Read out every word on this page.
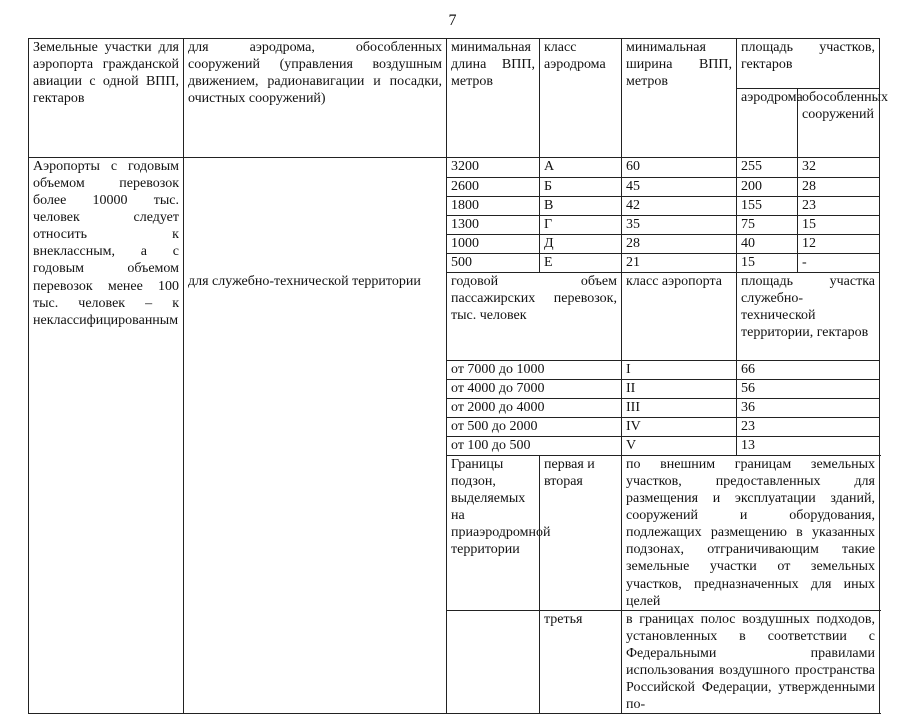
7
Земельные участки для аэропорта гражданской авиации с одной ВПП, гектаров	для аэродрома, обособленных сооружений (управления воздушным движением, радионавигации и посадки, очистных сооружений)	минимальная длина ВПП, метров	класс аэродрома	минимальная ширина ВПП, метров	площадь участков, гектаров	
					аэродрома	обособленных сооружений
Аэропорты с годовым объемом перевозок более 10000 тыс. человек следует относить к внеклассным, а с годовым объемом перевозок менее 100 тыс. человек – к неклассифицированным		3200	А	60	255	32
		2600	Б	45	200	28
		1800	В	42	155	23
		1300	Г	35	75	15
		1000	Д	28	40	12
		500	Е	21	15	-
	для служебно-технической территории	годовой объем пассажирских перевозок, тыс. человек		класс аэропорта	площадь участка служебно-технической территории, гектаров	
		от 7000 до 1000		I	66	
		от 4000 до 7000		II	56	
		от 2000 до 4000		III	36	
		от 500 до 2000		IV	23	
		от 100 до 500		V	13	
		Границы подзон, выделяемых на приаэродромной территории	первая и вторая	по внешним границам земельных участков, предоставленных для размещения и эксплуатации зданий, сооружений и оборудования, подлежащих размещению в указанных подзонах, отграничивающим такие земельные участки от земельных участков, предназначенных для иных целей		
			третья	в границах полос воздушных подходов, установленных в соответствии с Федеральными правилами использования воздушного пространства Российской Федерации, утвержденными по-		
